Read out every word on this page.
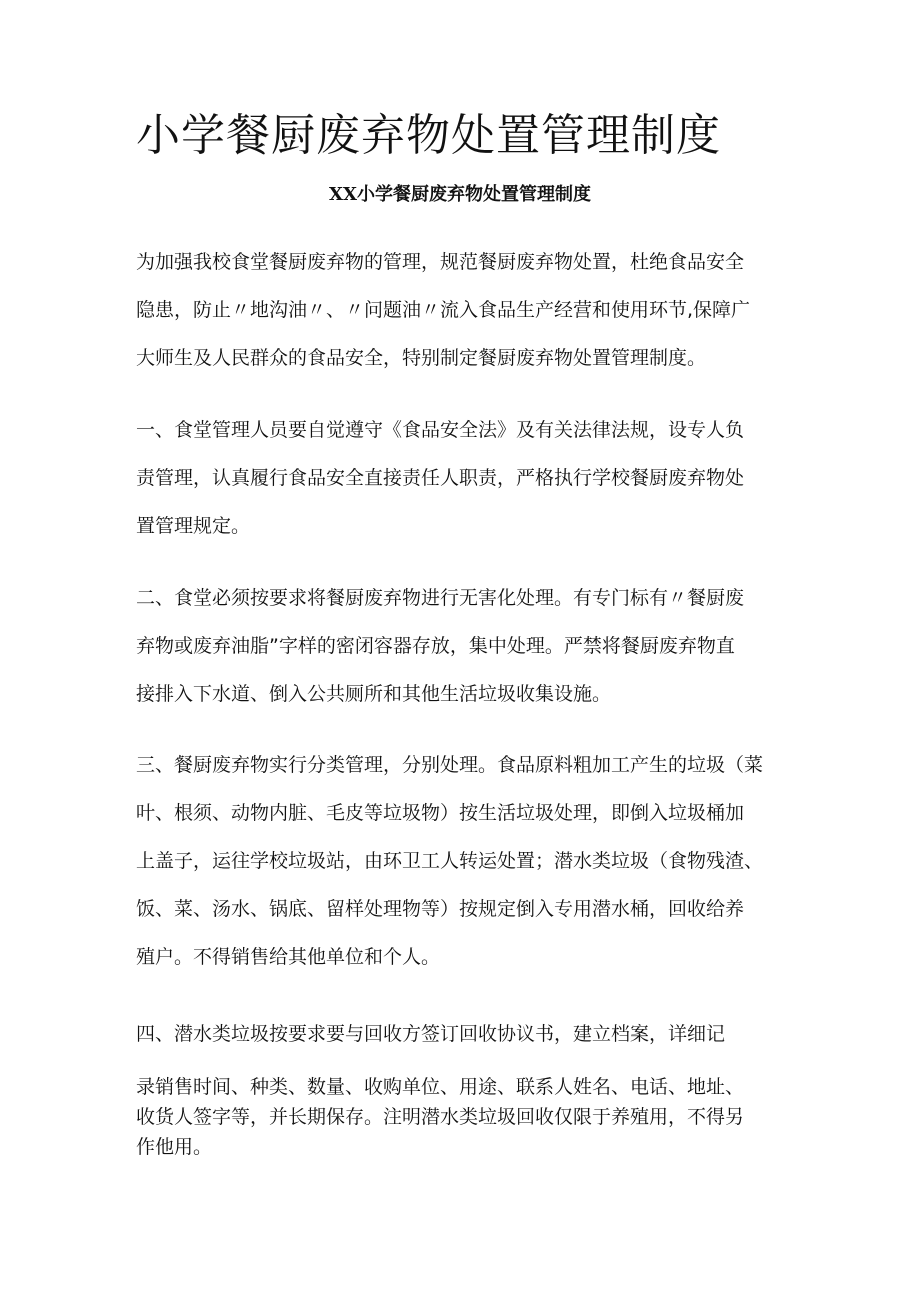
小学餐厨废弃物处置管理制度
XX小学餐厨废弃物处置管理制度

为加强我校食堂餐厨废弃物的管理，规范餐厨废弃物处置，杜绝食品安全
隐患，防止〃地沟油〃、〃问题油〃流入食品生产经营和使用环节,保障广
大师生及人民群众的食品安全，特别制定餐厨废弃物处置管理制度。

一、食堂管理人员要自觉遵守《食品安全法》及有关法律法规，设专人负
责管理，认真履行食品安全直接责任人职责，严格执行学校餐厨废弃物处
置管理规定。

二、食堂必须按要求将餐厨废弃物进行无害化处理。有专门标有〃餐厨废
弃物或废弃油脂”字样的密闭容器存放，集中处理。严禁将餐厨废弃物直
接排入下水道、倒入公共厕所和其他生活垃圾收集设施。

三、餐厨废弃物实行分类管理，分别处理。食品原料粗加工产生的垃圾（菜
叶、根须、动物内脏、毛皮等垃圾物）按生活垃圾处理，即倒入垃圾桶加
上盖子，运往学校垃圾站，由环卫工人转运处置；潜水类垃圾（食物残渣、
饭、菜、汤水、锅底、留样处理物等）按规定倒入专用潜水桶，回收给养
殖户。不得销售给其他单位和个人。

四、潜水类垃圾按要求要与回收方签订回收协议书，建立档案，详细记

录销售时间、种类、数量、收购单位、用途、联系人姓名、电话、地址、
收货人签字等，并长期保存。注明潜水类垃圾回收仅限于养殖用，不得另
作他用。
